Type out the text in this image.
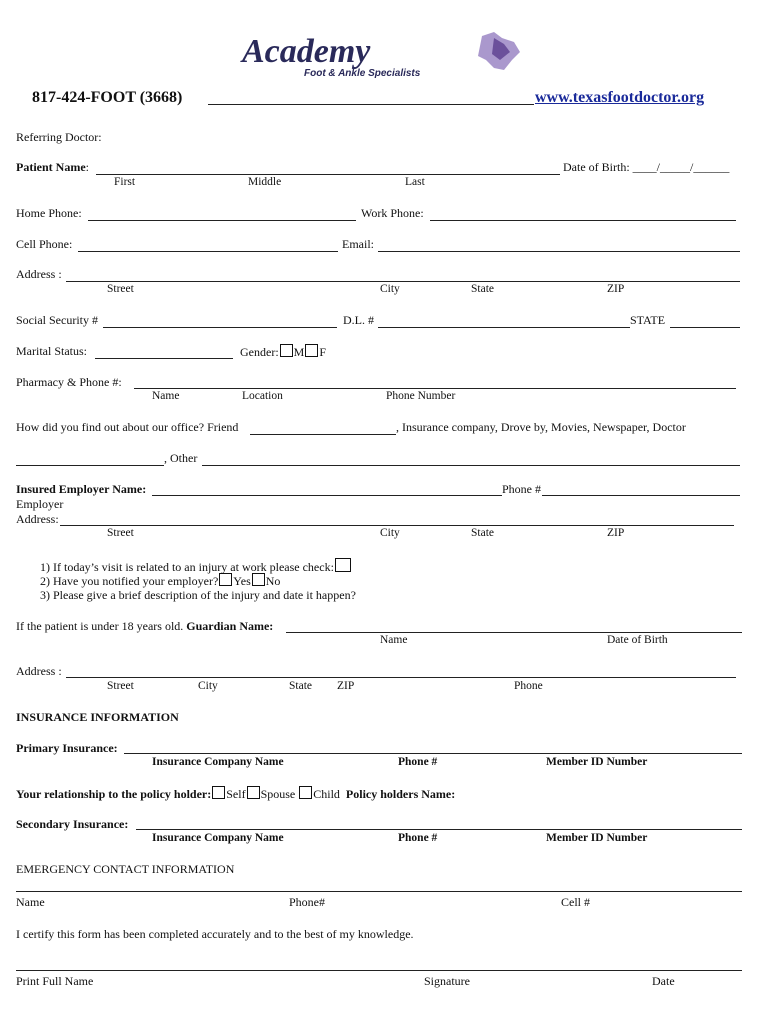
Academy
Foot & Ankle Specialists
817-424-FOOT (3668)	www.texasfootdoctor.org
Referring Doctor:
Patient Name:	Date of Birth: ____/_____/______
First	Middle	Last
Home Phone:	Work Phone:
Cell Phone:	Email:
Address :
Street	City	State	ZIP
Social Security #	D.L. #	STATE
Marital Status:	Gender: M F
Pharmacy & Phone #:
Name	Location	Phone Number
How did you find out about our office? Friend	, Insurance company, Drove by, Movies, Newspaper, Doctor
, Other
Insured Employer Name:	Phone #
Employer
Address:
Street	City	State	ZIP
1) If today’s visit is related to an injury at work please check:
2) Have you notified your employer? Yes No
3) Please give a brief description of the injury and date it happen?
If the patient is under 18 years old. Guardian Name:
Name	Date of Birth
Address :
Street	City	State ZIP	Phone
INSURANCE INFORMATION
Primary Insurance:
Insurance Company Name	Phone #	Member ID Number
Your relationship to the policy holder: Self Spouse Child Policy holders Name:
Secondary Insurance:
Insurance Company Name	Phone #	Member ID Number
EMERGENCY CONTACT INFORMATION
Name	Phone#	Cell #
I certify this form has been completed accurately and to the best of my knowledge.
Print Full Name	Signature	Date
